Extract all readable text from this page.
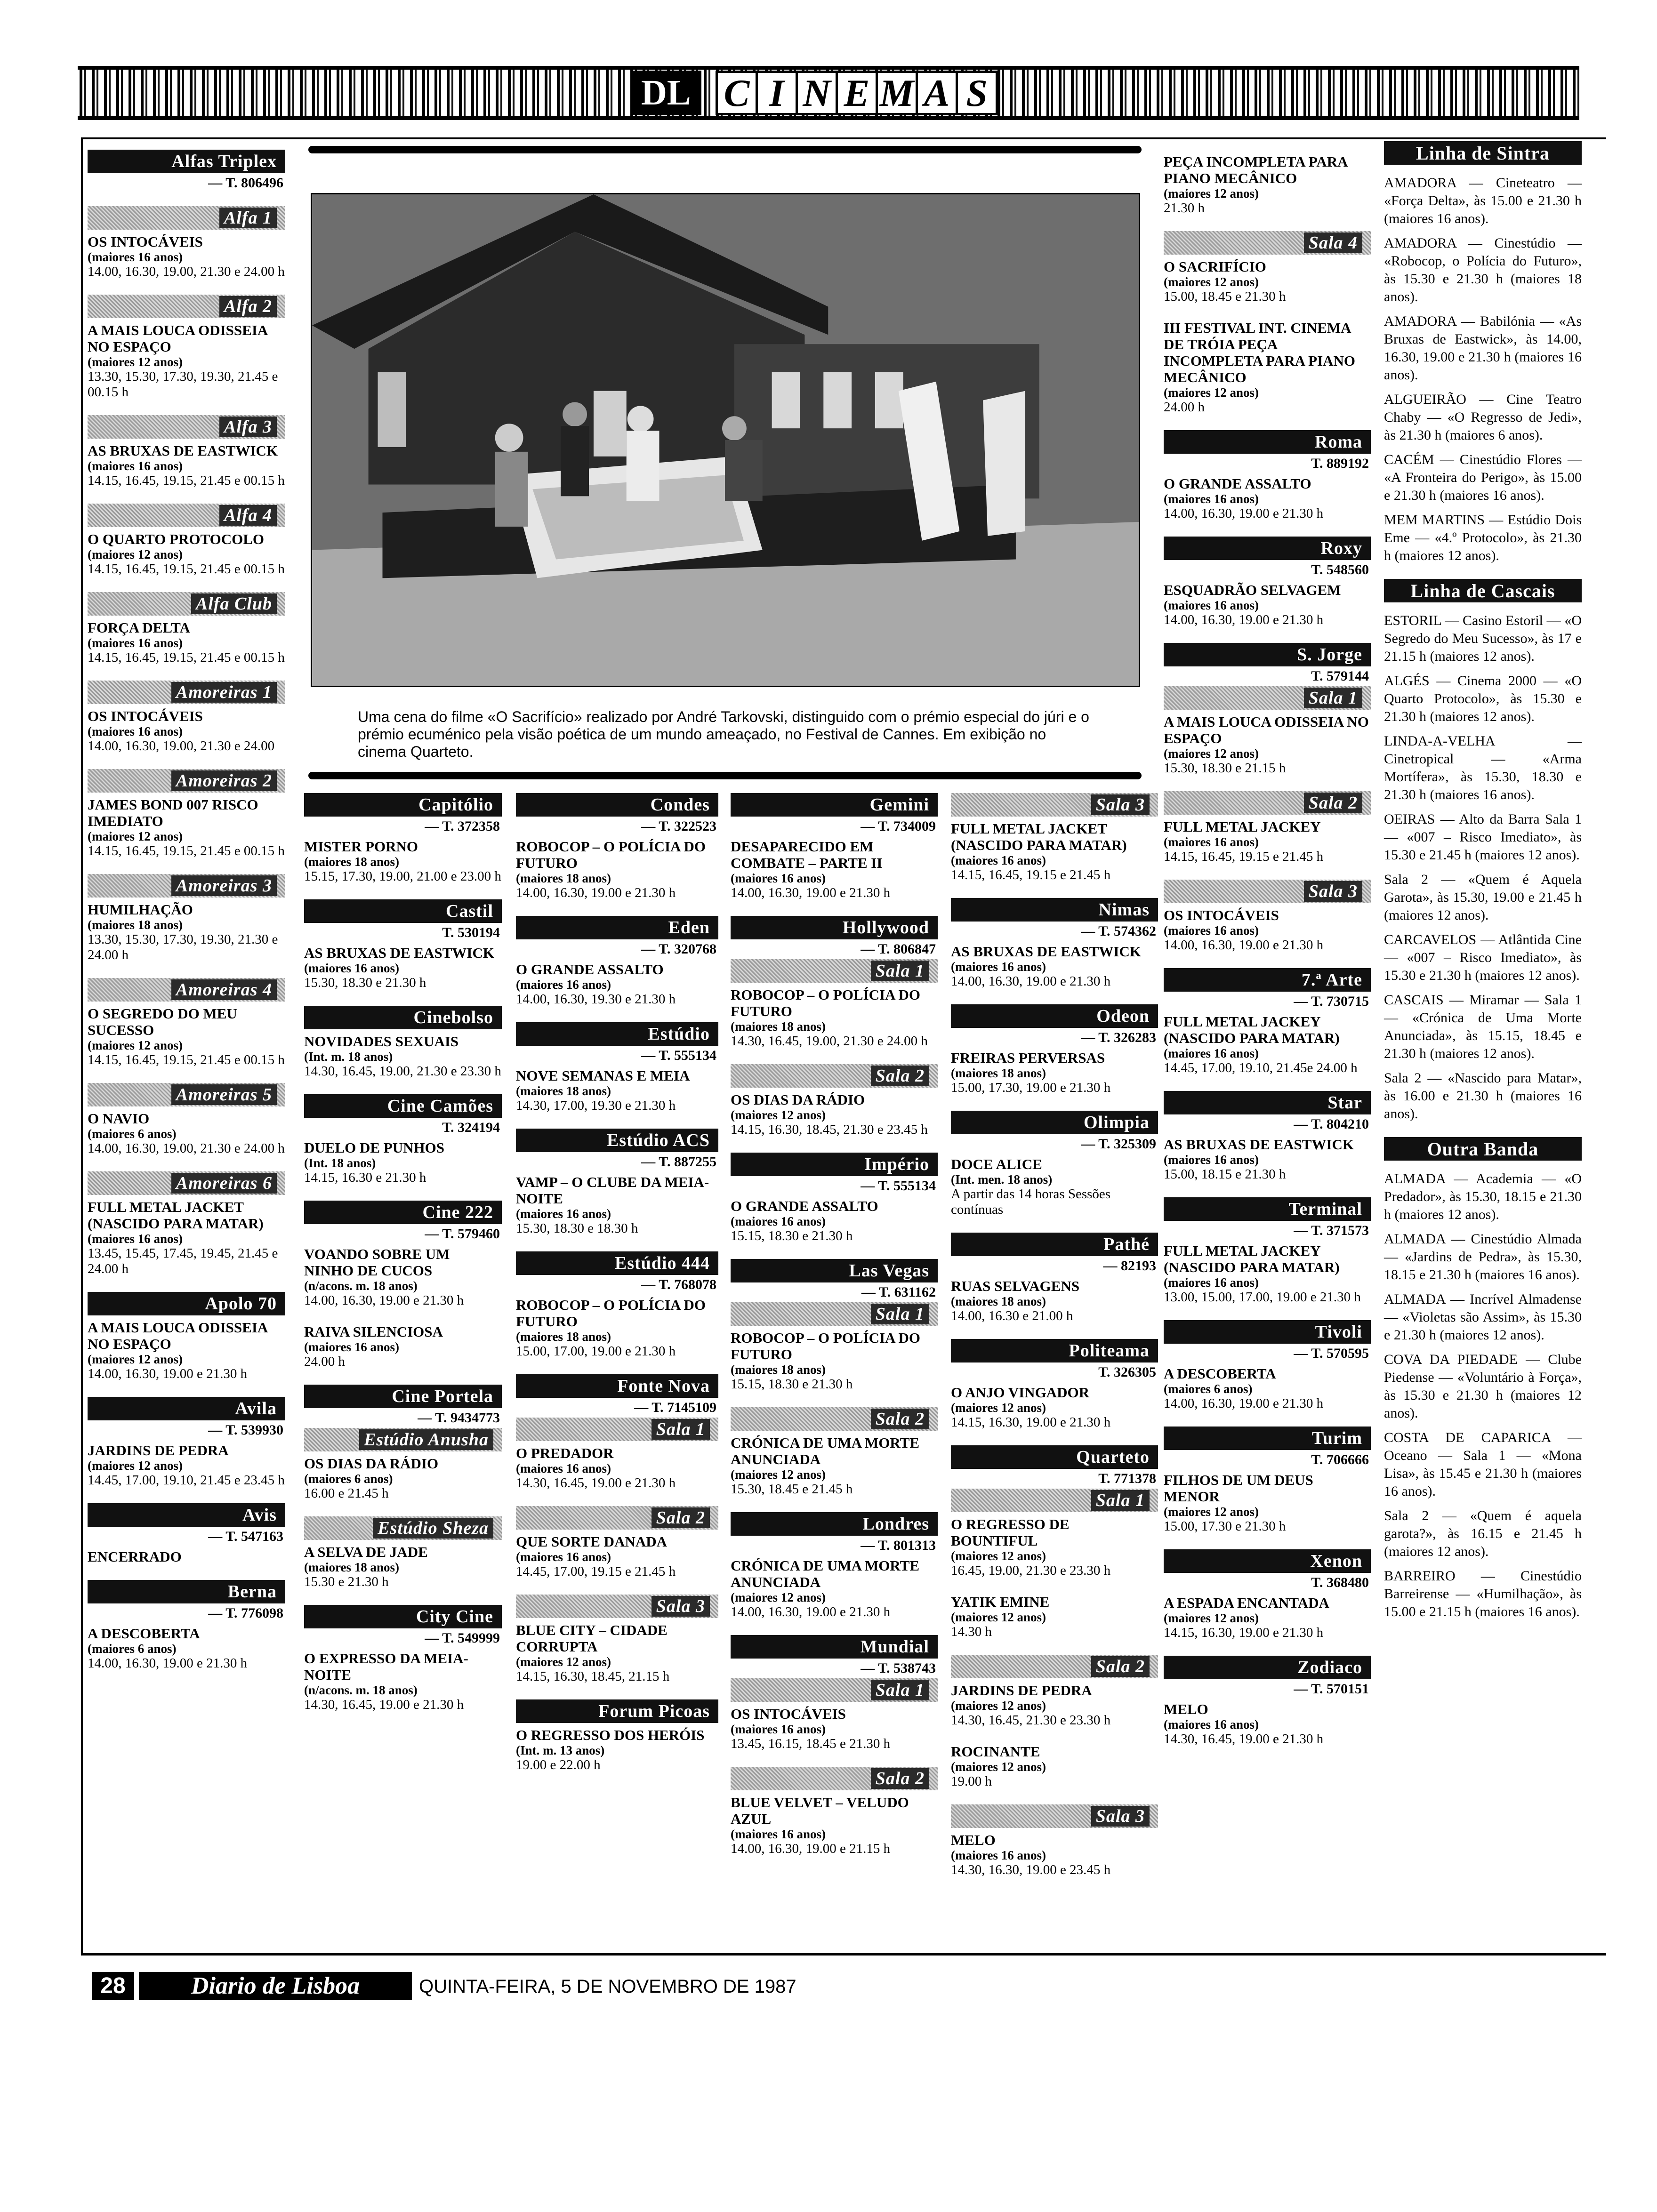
DL C I N E M A S
Alfas Triplex
— T. 806496
Alfa 1
OS INTOCÁVEIS
(maiores 16 anos)
14.00, 16.30, 19.00, 21.30 e 24.00 h
Alfa 2
A MAIS LOUCA ODISSEIA NO ESPAÇO
(maiores 12 anos)
13.30, 15.30, 17.30, 19.30, 21.45 e 00.15 h
Alfa 3
AS BRUXAS DE EASTWICK
(maiores 16 anos)
14.15, 16.45, 19.15, 21.45 e 00.15 h
Alfa 4
O QUARTO PROTOCOLO
(maiores 12 anos)
14.15, 16.45, 19.15, 21.45 e 00.15 h
Alfa Club
FORÇA DELTA
(maiores 16 anos)
14.15, 16.45, 19.15, 21.45 e 00.15 h
Amoreiras 1
OS INTOCÁVEIS
(maiores 16 anos)
14.00, 16.30, 19.00, 21.30 e 24.00
Amoreiras 2
JAMES BOND 007 RISCO IMEDIATO
(maiores 12 anos)
14.15, 16.45, 19.15, 21.45 e 00.15 h
Amoreiras 3
HUMILHAÇÃO
(maiores 18 anos)
13.30, 15.30, 17.30, 19.30, 21.30 e 24.00 h
Amoreiras 4
O SEGREDO DO MEU SUCESSO
(maiores 12 anos)
14.15, 16.45, 19.15, 21.45 e 00.15 h
Amoreiras 5
O NAVIO
(maiores 6 anos)
14.00, 16.30, 19.00, 21.30 e 24.00 h
Amoreiras 6
FULL METAL JACKET (NASCIDO PARA MATAR)
(maiores 16 anos)
13.45, 15.45, 17.45, 19.45, 21.45 e 24.00 h
Apolo 70
A MAIS LOUCA ODISSEIA NO ESPAÇO
(maiores 12 anos)
14.00, 16.30, 19.00 e 21.30 h
Avila
— T. 539930
JARDINS DE PEDRA
(maiores 12 anos)
14.45, 17.00, 19.10, 21.45 e 23.45 h
Avis
— T. 547163
ENCERRADO
Berna
— T. 776098
A DESCOBERTA
(maiores 6 anos)
14.00, 16.30, 19.00 e 21.30 h
Capitólio
— T. 372358
MISTER PORNO
(maiores 18 anos)
15.15, 17.30, 19.00, 21.00 e 23.00 h
Castil
T. 530194
AS BRUXAS DE EASTWICK
(maiores 16 anos)
15.30, 18.30 e 21.30 h
Cinebolso
NOVIDADES SEXUAIS
(Int. m. 18 anos)
14.30, 16.45, 19.00, 21.30 e 23.30 h
Cine Camões
T. 324194
DUELO DE PUNHOS
(Int. 18 anos)
14.15, 16.30 e 21.30 h
Cine 222
— T. 579460
VOANDO SOBRE UM NINHO DE CUCOS
(n/acons. m. 18 anos)
14.00, 16.30, 19.00 e 21.30 h
RAIVA SILENCIOSA
(maiores 16 anos)
24.00 h
Cine Portela
— T. 9434773
Estúdio Anusha
OS DIAS DA RÁDIO
(maiores 6 anos)
16.00 e 21.45 h
Estúdio Sheza
A SELVA DE JADE
(maiores 18 anos)
15.30 e 21.30 h
City Cine
— T. 549999
O EXPRESSO DA MEIA-NOITE
(n/acons. m. 18 anos)
14.30, 16.45, 19.00 e 21.30 h
Condes
— T. 322523
ROBOCOP – O POLÍCIA DO FUTURO
(maiores 18 anos)
14.00, 16.30, 19.00 e 21.30 h
Eden
— T. 320768
O GRANDE ASSALTO
(maiores 16 anos)
14.00, 16.30, 19.30 e 21.30 h
Estúdio
— T. 555134
NOVE SEMANAS E MEIA
(maiores 18 anos)
14.30, 17.00, 19.30 e 21.30 h
Estúdio ACS
— T. 887255
VAMP – O CLUBE DA MEIA-NOITE
(maiores 16 anos)
15.30, 18.30 e 18.30 h
Estúdio 444
— T. 768078
ROBOCOP – O POLÍCIA DO FUTURO
(maiores 18 anos)
15.00, 17.00, 19.00 e 21.30 h
Fonte Nova
— T. 7145109
Sala 1
O PREDADOR
(maiores 16 anos)
14.30, 16.45, 19.00 e 21.30 h
Sala 2
QUE SORTE DANADA
(maiores 16 anos)
14.45, 17.00, 19.15 e 21.45 h
Sala 3
BLUE CITY – CIDADE CORRUPTA
(maiores 12 anos)
14.15, 16.30, 18.45, 21.15 h
Forum Picoas
O REGRESSO DOS HERÓIS
(Int. m. 13 anos)
19.00 e 22.00 h
Gemini
— T. 734009
DESAPARECIDO EM COMBATE – PARTE II
(maiores 16 anos)
14.00, 16.30, 19.00 e 21.30 h
Hollywood
— T. 806847
Sala 1
ROBOCOP – O POLÍCIA DO FUTURO
(maiores 18 anos)
14.30, 16.45, 19.00, 21.30 e 24.00 h
Sala 2
OS DIAS DA RÁDIO
(maiores 12 anos)
14.15, 16.30, 18.45, 21.30 e 23.45 h
Império
— T. 555134
O GRANDE ASSALTO
(maiores 16 anos)
15.15, 18.30 e 21.30 h
Las Vegas
— T. 631162
Sala 1
ROBOCOP – O POLÍCIA DO FUTURO
(maiores 18 anos)
15.15, 18.30 e 21.30 h
Sala 2
CRÓNICA DE UMA MORTE ANUNCIADA
(maiores 12 anos)
15.30, 18.45 e 21.45 h
Londres
— T. 801313
CRÓNICA DE UMA MORTE ANUNCIADA
(maiores 12 anos)
14.00, 16.30, 19.00 e 21.30 h
Mundial
— T. 538743
Sala 1
OS INTOCÁVEIS
(maiores 16 anos)
13.45, 16.15, 18.45 e 21.30 h
Sala 2
BLUE VELVET – VELUDO AZUL
(maiores 16 anos)
14.00, 16.30, 19.00 e 21.15 h
Sala 3
FULL METAL JACKET (NASCIDO PARA MATAR)
(maiores 16 anos)
14.15, 16.45, 19.15 e 21.45 h
Nimas
— T. 574362
AS BRUXAS DE EASTWICK
(maiores 16 anos)
14.00, 16.30, 19.00 e 21.30 h
Odeon
— T. 326283
FREIRAS PERVERSAS
(maiores 18 anos)
15.00, 17.30, 19.00 e 21.30 h
Olimpia
— T. 325309
DOCE ALICE
(Int. men. 18 anos)
A partir das 14 horas Sessões contínuas
Pathé
— 82193
RUAS SELVAGENS
(maiores 18 anos)
14.00, 16.30 e 21.00 h
Politeama
T. 326305
O ANJO VINGADOR
(maiores 12 anos)
14.15, 16.30, 19.00 e 21.30 h
Quarteto
T. 771378
Sala 1
O REGRESSO DE BOUNTIFUL
(maiores 12 anos)
16.45, 19.00, 21.30 e 23.30 h
YATIK EMINE
(maiores 12 anos)
14.30 h
Sala 2
JARDINS DE PEDRA
(maiores 12 anos)
14.30, 16.45, 21.30 e 23.30 h
ROCINANTE
(maiores 12 anos)
19.00 h
Sala 3
MELO
(maiores 16 anos)
14.30, 16.30, 19.00 e 23.45 h
PEÇA INCOMPLETA PARA PIANO MECÂNICO
(maiores 12 anos)
21.30 h
Sala 4
O SACRIFÍCIO
(maiores 12 anos)
15.00, 18.45 e 21.30 h
III FESTIVAL INT. CINEMA DE TRÓIA PEÇA INCOMPLETA PARA PIANO MECÂNICO
(maiores 12 anos)
24.00 h
Roma
T. 889192
O GRANDE ASSALTO
(maiores 16 anos)
14.00, 16.30, 19.00 e 21.30 h
Roxy
T. 548560
ESQUADRÃO SELVAGEM
(maiores 16 anos)
14.00, 16.30, 19.00 e 21.30 h
S. Jorge
T. 579144
Sala 1
A MAIS LOUCA ODISSEIA NO ESPAÇO
(maiores 12 anos)
15.30, 18.30 e 21.15 h
Sala 2
FULL METAL JACKEY
(maiores 16 anos)
14.15, 16.45, 19.15 e 21.45 h
Sala 3
OS INTOCÁVEIS
(maiores 16 anos)
14.00, 16.30, 19.00 e 21.30 h
7.ª Arte
— T. 730715
FULL METAL JACKEY (NASCIDO PARA MATAR)
(maiores 16 anos)
14.45, 17.00, 19.10, 21.45e 24.00 h
Star
— T. 804210
AS BRUXAS DE EASTWICK
(maiores 16 anos)
15.00, 18.15 e 21.30 h
Terminal
— T. 371573
FULL METAL JACKEY (NASCIDO PARA MATAR)
(maiores 16 anos)
13.00, 15.00, 17.00, 19.00 e 21.30 h
Tivoli
— T. 570595
A DESCOBERTA
(maiores 6 anos)
14.00, 16.30, 19.00 e 21.30 h
Turim
T. 706666
FILHOS DE UM DEUS MENOR
(maiores 12 anos)
15.00, 17.30 e 21.30 h
Xenon
T. 368480
A ESPADA ENCANTADA
(maiores 12 anos)
14.15, 16.30, 19.00 e 21.30 h
Zodiaco
— T. 570151
MELO
(maiores 16 anos)
14.30, 16.45, 19.00 e 21.30 h
Linha de Sintra
AMADORA — Cineteatro — «Força Delta», às 15.00 e 21.30 h (maiores 16 anos).
AMADORA — Cinestúdio — «Robocop, o Polícia do Futuro», às 15.30 e 21.30 h (maiores 18 anos).
AMADORA — Babilónia — «As Bruxas de Eastwick», às 14.00, 16.30, 19.00 e 21.30 h (maiores 16 anos).
ALGUEIRÃO — Cine Teatro Chaby — «O Regresso de Jedi», às 21.30 h (maiores 6 anos).
CACÉM — Cinestúdio Flores — «A Fronteira do Perigo», às 15.00 e 21.30 h (maiores 16 anos).
MEM MARTINS — Estúdio Dois Eme — «4.º Protocolo», às 21.30 h (maiores 12 anos).
Linha de Cascais
ESTORIL — Casino Estoril — «O Segredo do Meu Sucesso», às 17 e 21.15 h (maiores 12 anos).
ALGÉS — Cinema 2000 — «O Quarto Protocolo», às 15.30 e 21.30 h (maiores 12 anos).
LINDA-A-VELHA — Cinetropical — «Arma Mortífera», às 15.30, 18.30 e 21.30 h (maiores 16 anos).
OEIRAS — Alto da Barra Sala 1 — «007 – Risco Imediato», às 15.30 e 21.45 h (maiores 12 anos).
Sala 2 — «Quem é Aquela Garota», às 15.30, 19.00 e 21.45 h (maiores 12 anos).
CARCAVELOS — Atlântida Cine — «007 – Risco Imediato», às 15.30 e 21.30 h (maiores 12 anos).
CASCAIS — Miramar — Sala 1 — «Crónica de Uma Morte Anunciada», às 15.15, 18.45 e 21.30 h (maiores 12 anos).
Sala 2 — «Nascido para Matar», às 16.00 e 21.30 h (maiores 16 anos).
Outra Banda
ALMADA — Academia — «O Predador», às 15.30, 18.15 e 21.30 h (maiores 12 anos).
ALMADA — Cinestúdio Almada — «Jardins de Pedra», às 15.30, 18.15 e 21.30 h (maiores 16 anos).
ALMADA — Incrível Almadense — «Violetas são Assim», às 15.30 e 21.30 h (maiores 12 anos).
COVA DA PIEDADE — Clube Piedense — «Voluntário à Força», às 15.30 e 21.30 h (maiores 12 anos).
COSTA DE CAPARICA — Oceano — Sala 1 — «Mona Lisa», às 15.45 e 21.30 h (maiores 16 anos).
Sala 2 — «Quem é aquela garota?», às 16.15 e 21.45 h (maiores 12 anos).
BARREIRO — Cinestúdio Barreirense — «Humilhação», às 15.00 e 21.15 h (maiores 16 anos).
Uma cena do filme «O Sacrifício» realizado por André Tarkovski, distinguido com o prémio especial do júri e o prémio ecuménico pela visão poética de um mundo ameaçado, no Festival de Cannes. Em exibição no cinema Quarteto.
28	Diario de Lisboa	QUINTA-FEIRA, 5 DE NOVEMBRO DE 1987
